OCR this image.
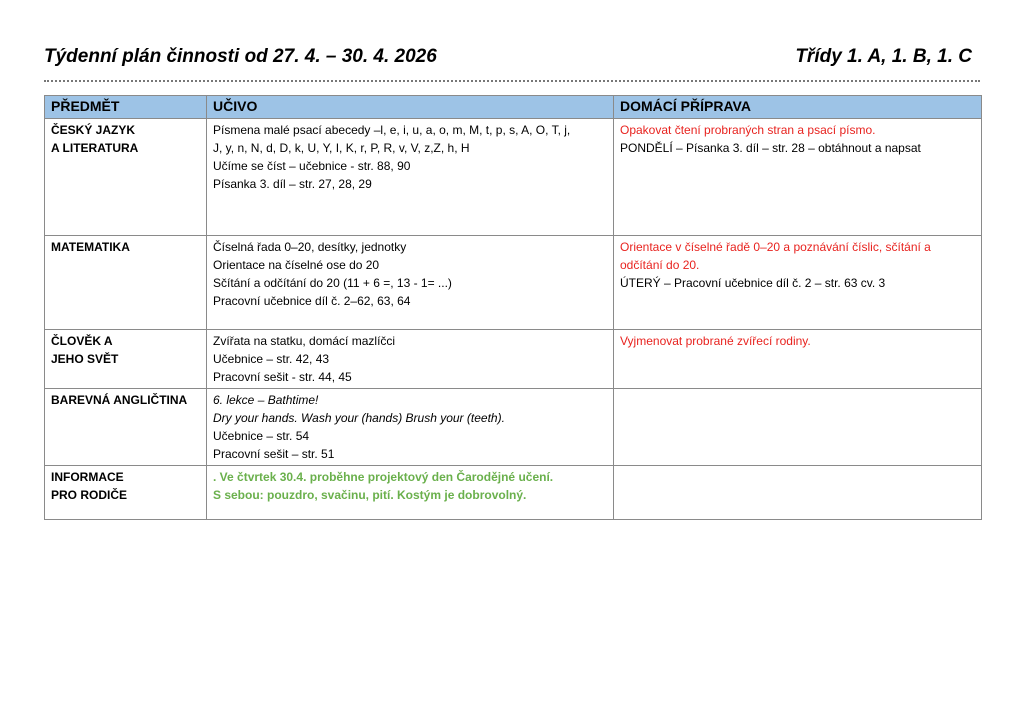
Týdenní plán činnosti od 27. 4. – 30. 4. 2026	Třídy 1. A, 1. B, 1. C
PŘEDMĚT	UČIVO	DOMÁCÍ PŘÍPRAVA

ČESKÝ JAZYK
A LITERATURA	Písmena malé psací abecedy –l, e, i, u, a, o, m, M, t, p, s, A, O, T, j,
J, y, n, N, d, D, k, U, Y, I, K, r, P, R, v, V, z,Z, h, H
Učíme se číst – učebnice - str. 88, 90
Písanka 3. díl – str. 27, 28, 29	Opakovat čtení probraných stran a psací písmo.
PONDĚLÍ – Písanka 3. díl – str. 28 – obtáhnout a napsat

MATEMATIKA	Číselná řada 0–20, desítky, jednotky
Orientace na číselné ose do 20
Sčítání a odčítání do 20 (11 + 6 =, 13 - 1= ...)
Pracovní učebnice díl č. 2–62, 63, 64	Orientace v číselné řadě 0–20 a poznávání číslic, sčítání a
odčítání do 20.
ÚTERÝ – Pracovní učebnice díl č. 2 – str. 63 cv. 3

ČLOVĚK A
JEHO SVĚT	Zvířata na statku, domácí mazlíčci
Učebnice – str. 42, 43
Pracovní sešit - str. 44, 45	Vyjmenovat probrané zvířecí rodiny.

BAREVNÁ ANGLIČTINA	6. lekce – Bathtime!
Dry your hands. Wash your (hands) Brush your (teeth).
Učebnice – str. 54
Pracovní sešit – str. 51	

INFORMACE
PRO RODIČE	. Ve čtvrtek 30.4. proběhne projektový den Čarodějné učení.
S sebou: pouzdro, svačinu, pití. Kostým je dobrovolný.	
